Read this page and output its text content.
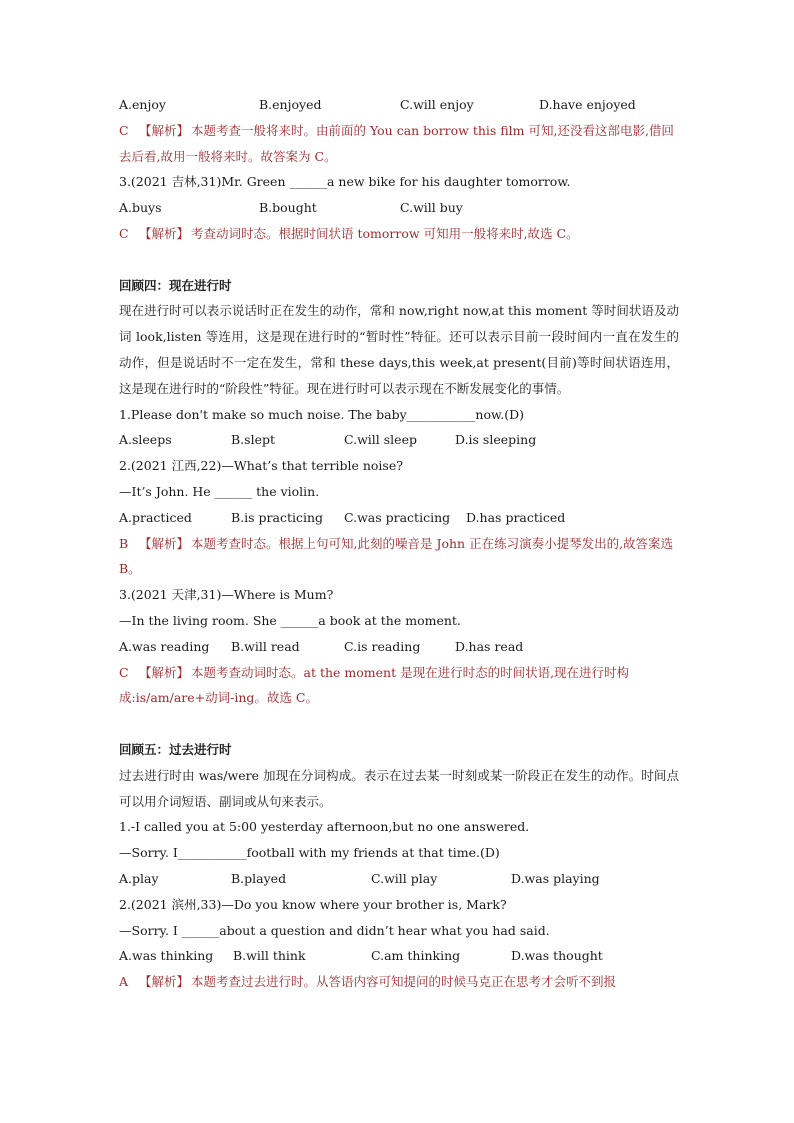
A.enjoy	B.enjoyed	C.will enjoy	D.have enjoyed
C 【解析】 本题考查一般将来时。由前面的 You can borrow this film 可知,还没看这部电影,借回去后看,故用一般将来时。故答案为 C。
3.(2021 吉林,31)Mr. Green ______a new bike for his daughter tomorrow.
A.buys	B.bought	C.will buy
C 【解析】 考查动词时态。根据时间状语 tomorrow 可知用一般将来时,故选 C。
回顾四：现在进行时
现在进行时可以表示说话时正在发生的动作，常和 now,right now,at this moment 等时间状语及动词 look,listen 等连用，这是现在进行时的“暂时性”特征。还可以表示目前一段时间内一直在发生的动作，但是说话时不一定在发生，常和 these days,this week,at present(目前)等时间状语连用，这是现在进行时的“阶段性”特征。现在进行时可以表示现在不断发展变化的事情。
1.Please don't make so much noise. The baby___________now.(D)
A.sleeps	B.slept	C.will sleep	D.is sleeping
2.(2021 江西,22)—What’s that terrible noise?
—It’s John. He ______ the violin.
A.practiced	B.is practicing C.was practicing D.has practiced
B 【解析】 本题考查时态。根据上句可知,此刻的噪音是 John 正在练习演奏小提琴发出的,故答案选 B。
3.(2021 天津,31)—Where is Mum?
—In the living room. She ______a book at the moment.
A.was reading B.will read	C.is reading	D.has read
C 【解析】 本题考查动词时态。at the moment 是现在进行时态的时间状语,现在进行时构成:is/am/are+动词-ing。故选 C。
回顾五：过去进行时
过去进行时由 was/were 加现在分词构成。表示在过去某一时刻或某一阶段正在发生的动作。时间点可以用介词短语、副词或从句来表示。
1.-I called you at 5:00 yesterday afternoon,but no one answered.
—Sorry. I___________football with my friends at that time.(D)
A.play	B.played	C.will play	D.was playing
2.(2021 滨州,33)—Do you know where your brother is, Mark?
—Sorry. I ______about a question and didn’t hear what you had said.
A.was thinking B.will think	C.am thinking	D.was thought
A 【解析】 本题考查过去进行时。从答语内容可知提问的时候马克正在思考才会听不到报
